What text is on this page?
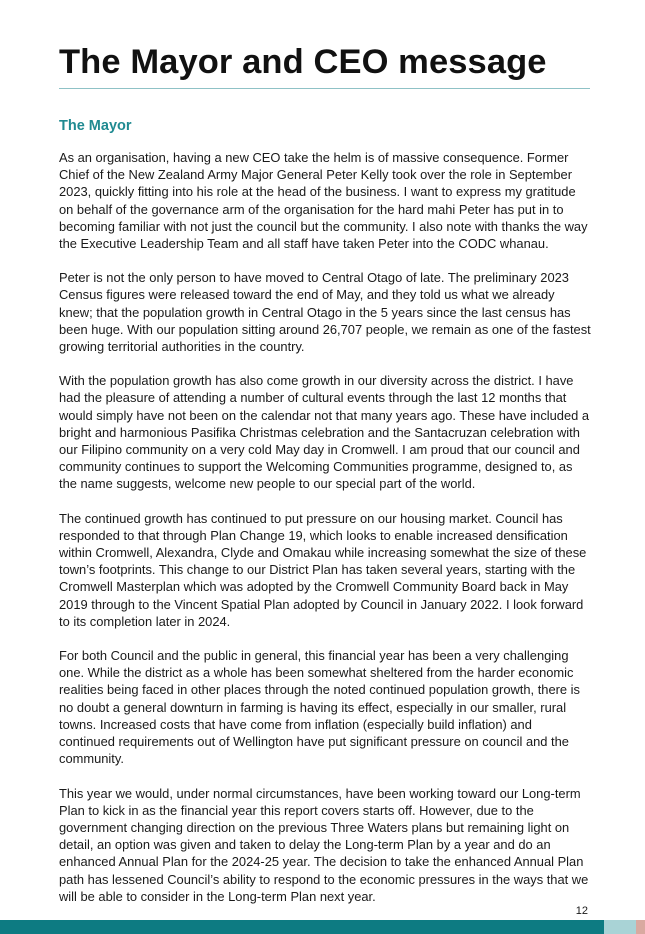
The Mayor and CEO message
The Mayor

As an organisation, having a new CEO take the helm is of massive consequence. Former Chief of the New Zealand Army Major General Peter Kelly took over the role in September 2023, quickly fitting into his role at the head of the business. I want to express my gratitude on behalf of the governance arm of the organisation for the hard mahi Peter has put in to becoming familiar with not just the council but the community. I also note with thanks the way the Executive Leadership Team and all staff have taken Peter into the CODC whanau.

Peter is not the only person to have moved to Central Otago of late. The preliminary 2023 Census figures were released toward the end of May, and they told us what we already knew; that the population growth in Central Otago in the 5 years since the last census has been huge. With our population sitting around 26,707 people, we remain as one of the fastest growing territorial authorities in the country.

With the population growth has also come growth in our diversity across the district. I have had the pleasure of attending a number of cultural events through the last 12 months that would simply have not been on the calendar not that many years ago. These have included a bright and harmonious Pasifika Christmas celebration and the Santacruzan celebration with our Filipino community on a very cold May day in Cromwell. I am proud that our council and community continues to support the Welcoming Communities programme, designed to, as the name suggests, welcome new people to our special part of the world.

The continued growth has continued to put pressure on our housing market. Council has responded to that through Plan Change 19, which looks to enable increased densification within Cromwell, Alexandra, Clyde and Omakau while increasing somewhat the size of these town’s footprints. This change to our District Plan has taken several years, starting with the Cromwell Masterplan which was adopted by the Cromwell Community Board back in May 2019 through to the Vincent Spatial Plan adopted by Council in January 2022. I look forward to its completion later in 2024.

For both Council and the public in general, this financial year has been a very challenging one. While the district as a whole has been somewhat sheltered from the harder economic realities being faced in other places through the noted continued population growth, there is no doubt a general downturn in farming is having its effect, especially in our smaller, rural towns. Increased costs that have come from inflation (especially build inflation) and continued requirements out of Wellington have put significant pressure on council and the community.

This year we would, under normal circumstances, have been working toward our Long-term Plan to kick in as the financial year this report covers starts off. However, due to the government changing direction on the previous Three Waters plans but remaining light on detail, an option was given and taken to delay the Long-term Plan by a year and do an enhanced Annual Plan for the 2024-25 year. The decision to take the enhanced Annual Plan path has lessened Council’s ability to respond to the economic pressures in the ways that we will be able to consider in the Long-term Plan next year.

12
